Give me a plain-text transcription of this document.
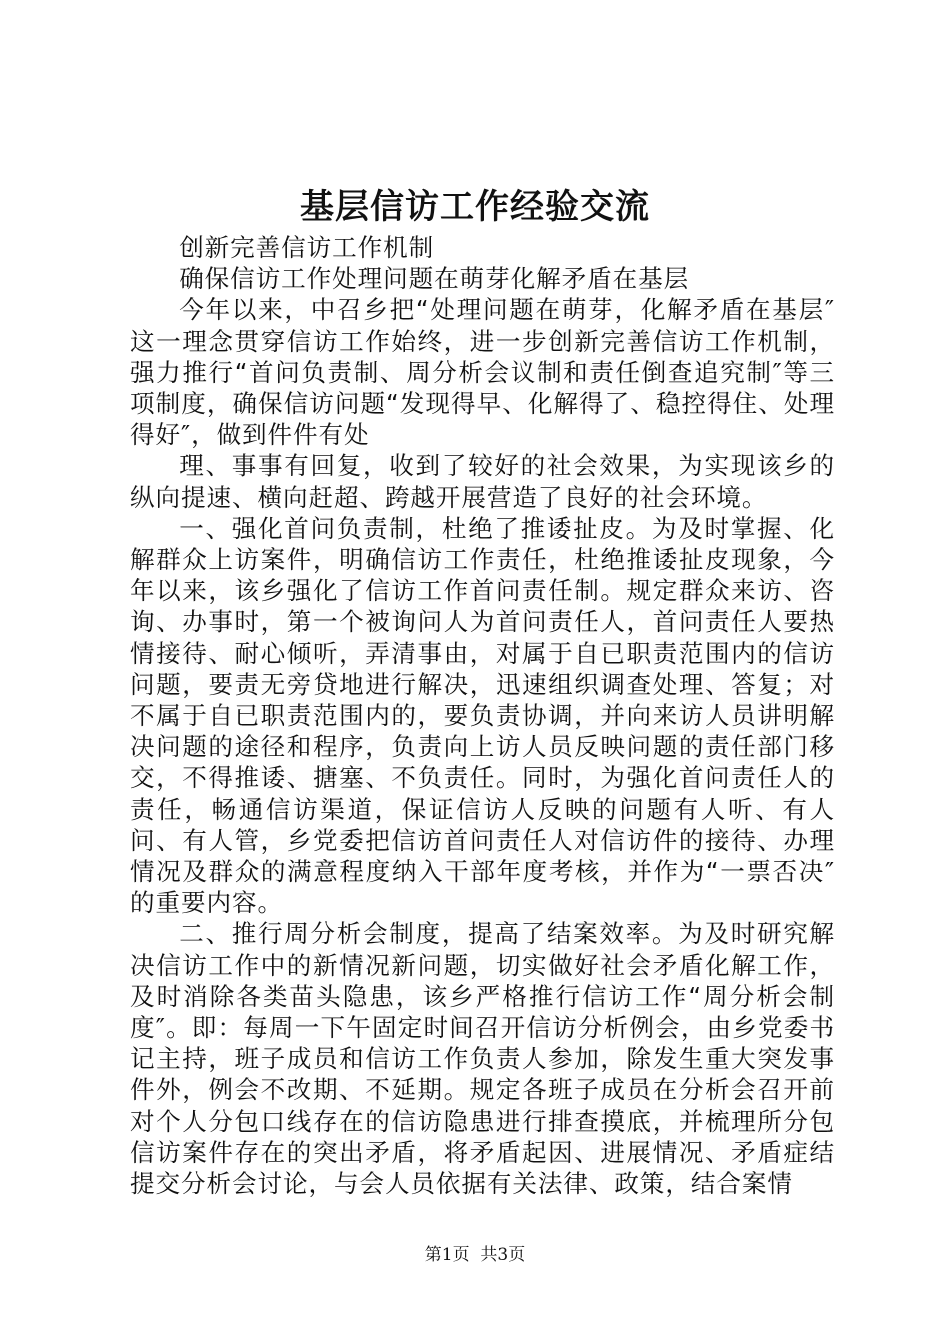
基层信访工作经验交流

创新完善信访工作机制

确保信访工作处理问题在萌芽化解矛盾在基层

今年以来，中召乡把“处理问题在萌芽，化解矛盾在基层″这一理念贯穿信访工作始终，进一步创新完善信访工作机制，强力推行“首问负责制、周分析会议制和责任倒查追究制″等三项制度，确保信访问题“发现得早、化解得了、稳控得住、处理得好″，做到件件有处

理、事事有回复，收到了较好的社会效果，为实现该乡的纵向提速、横向赶超、跨越开展营造了良好的社会环境。

一、强化首问负责制，杜绝了推诿扯皮。为及时掌握、化解群众上访案件，明确信访工作责任，杜绝推诿扯皮现象，今年以来，该乡强化了信访工作首问责任制。规定群众来访、咨询、办事时，第一个被询问人为首问责任人，首问责任人要热情接待、耐心倾听，弄清事由，对属于自已职责范围内的信访问题，要责无旁贷地进行解决，迅速组织调查处理、答复；对不属于自已职责范围内的，要负责协调，并向来访人员讲明解决问题的途径和程序，负责向上访人员反映问题的责任部门移交，不得推诿、搪塞、不负责任。同时，为强化首问责任人的责任，畅通信访渠道，保证信访人反映的问题有人听、有人问、有人管，乡党委把信访首问责任人对信访件的接待、办理情况及群众的满意程度纳入干部年度考核，并作为“一票否决″的重要内容。

二、推行周分析会制度，提高了结案效率。为及时研究解决信访工作中的新情况新问题，切实做好社会矛盾化解工作，及时消除各类苗头隐患，该乡严格推行信访工作“周分析会制度″。即：每周一下午固定时间召开信访分析例会，由乡党委书记主持，班子成员和信访工作负责人参加，除发生重大突发事件外，例会不改期、不延期。规定各班子成员在分析会召开前对个人分包口线存在的信访隐患进行排查摸底，并梳理所分包信访案件存在的突出矛盾，将矛盾起因、进展情况、矛盾症结提交分析会讨论，与会人员依据有关法律、政策，结合案情

第1页  共3页
